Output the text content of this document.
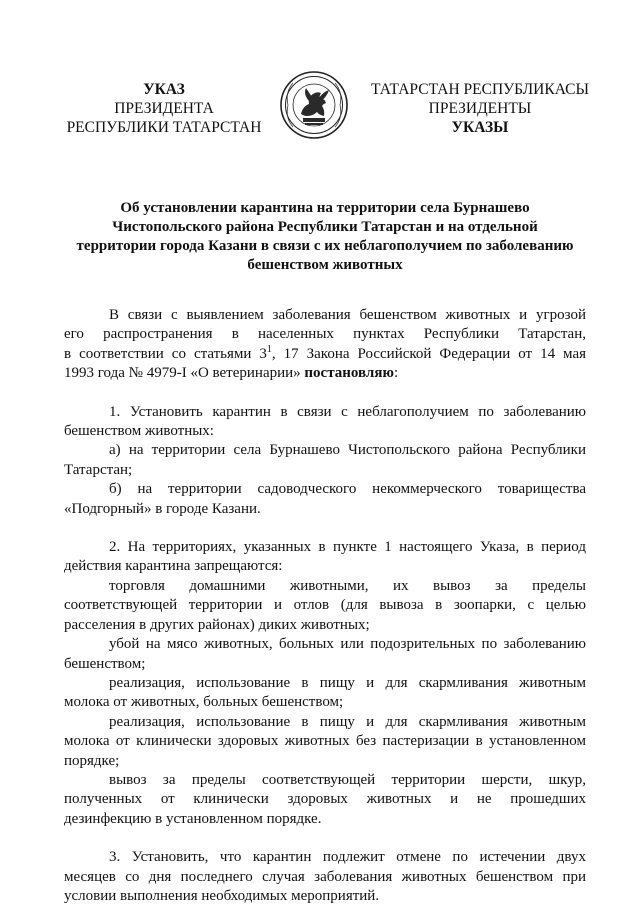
УКАЗ
ПРЕЗИДЕНТА
РЕСПУБЛИКИ ТАТАРСТАН
ТАТАРСТАН РЕСПУБЛИКАСЫ
ПРЕЗИДЕНТЫ
УКАЗЫ
Об установлении карантина на территории села Бурнашево
Чистопольского района Республики Татарстан и на отдельной
территории города Казани в связи с их неблагополучием по заболеванию
бешенством животных
В связи с выявлением заболевания бешенством животных и угрозой
его распространения в населенных пунктах Республики Татарстан,
в соответствии со статьями $3^1$, 17 Закона Российской Федерации от 14 мая
1993 года № 4979-I «О ветеринарии» постановляю:
1. Установить карантин в связи с неблагополучием по заболеванию
бешенством животных:
а) на территории села Бурнашево Чистопольского района Республики
Татарстан;
б) на территории садоводческого некоммерческого товарищества
«Подгорный» в городе Казани.
2. На территориях, указанных в пункте 1 настоящего Указа, в период
действия карантина запрещаются:
торговля домашними животными, их вывоз за пределы
соответствующей территории и отлов (для вывоза в зоопарки, с целью
расселения в других районах) диких животных;
убой на мясо животных, больных или подозрительных по заболеванию
бешенством;
реализация, использование в пищу и для скармливания животным
молока от животных, больных бешенством;
реализация, использование в пищу и для скармливания животным
молока от клинически здоровых животных без пастеризации в установленном
порядке;
вывоз за пределы соответствующей территории шерсти, шкур,
полученных от клинически здоровых животных и не прошедших
дезинфекцию в установленном порядке.
3. Установить, что карантин подлежит отмене по истечении двух
месяцев со дня последнего случая заболевания животных бешенством при
условии выполнения необходимых мероприятий.
